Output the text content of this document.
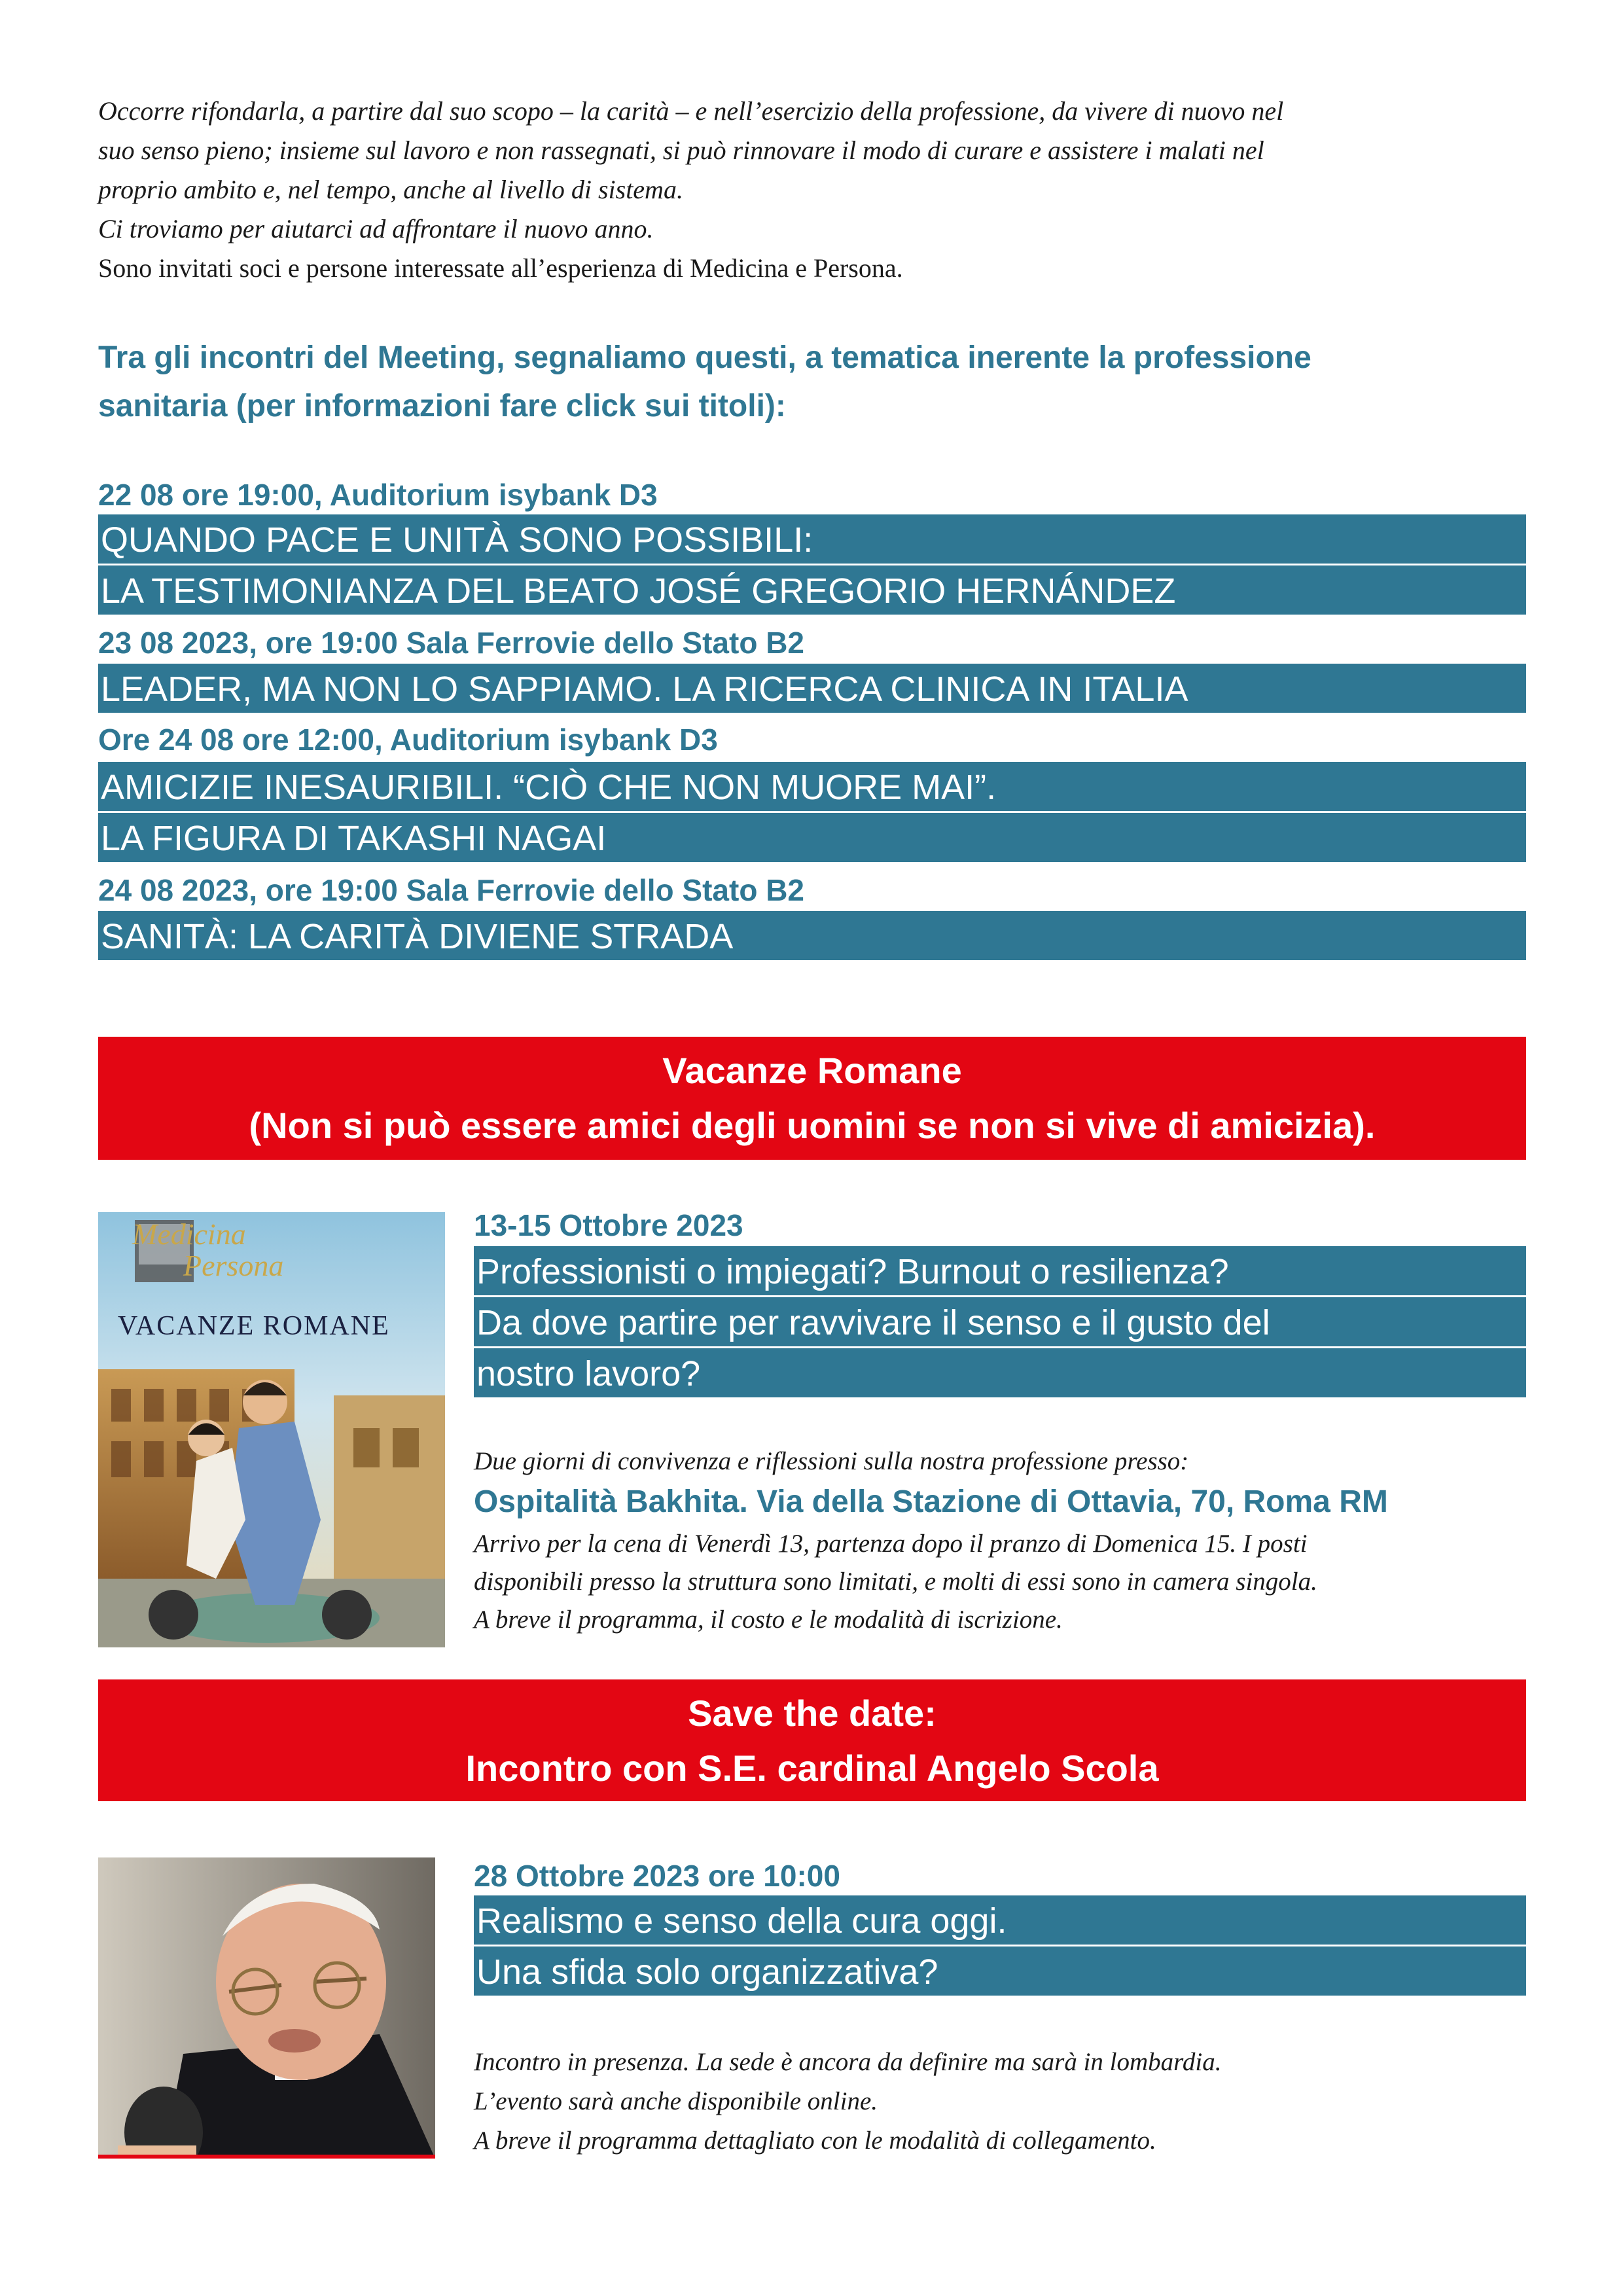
Occorre rifondarla, a partire dal suo scopo – la carità – e nell’esercizio della professione, da vivere di nuovo nel

suo senso pieno; insieme sul lavoro e non rassegnati, si può rinnovare il modo di curare e assistere i malati nel

proprio ambito e, nel tempo, anche al livello di sistema.

Ci troviamo per aiutarci ad affrontare il nuovo anno.

Sono invitati soci e persone interessate all’esperienza di Medicina e Persona.

Tra gli incontri del Meeting, segnaliamo questi, a tematica inerente la professione
sanitaria (per informazioni fare click sui titoli):
22 08 ore 19:00, Auditorium isybank D3
QUANDO PACE E UNITÀ SONO POSSIBILI:
LA TESTIMONIANZA DEL BEATO JOSÉ GREGORIO HERNÁNDEZ
23 08 2023, ore 19:00 Sala Ferrovie dello Stato B2
LEADER, MA NON LO SAPPIAMO. LA RICERCA CLINICA IN ITALIA
Ore 24 08 ore 12:00, Auditorium isybank D3
AMICIZIE INESAURIBILI. “CIÒ CHE NON MUORE MAI”.
LA FIGURA DI TAKASHI NAGAI
24 08 2023, ore 19:00 Sala Ferrovie dello Stato B2
SANITÀ: LA CARITÀ DIVIENE STRADA
Vacanze Romane
(Non si può essere amici degli uomini se non si vive di amicizia).
Medicina
Persona
VACANZE ROMANE
13-15 Ottobre 2023
Professionisti o impiegati? Burnout o resilienza?
Da dove partire per ravvivare il senso e il gusto del
nostro lavoro?
Due giorni di convivenza e riflessioni sulla nostra professione presso:
Ospitalità Bakhita. Via della Stazione di Ottavia, 70, Roma RM
Arrivo per la cena di Venerdì 13, partenza dopo il pranzo di Domenica 15. I posti
disponibili presso la struttura sono limitati, e molti di essi sono in camera singola.
A breve il programma, il costo e le modalità di iscrizione.
Save the date:
Incontro con S.E. cardinal Angelo Scola
28 Ottobre 2023 ore 10:00
Realismo e senso della cura oggi.
Una sfida solo organizzativa?
Incontro in presenza. La sede è ancora da definire ma sarà in lombardia.
L’evento sarà anche disponibile online.
A breve il programma dettagliato con le modalità di collegamento.
